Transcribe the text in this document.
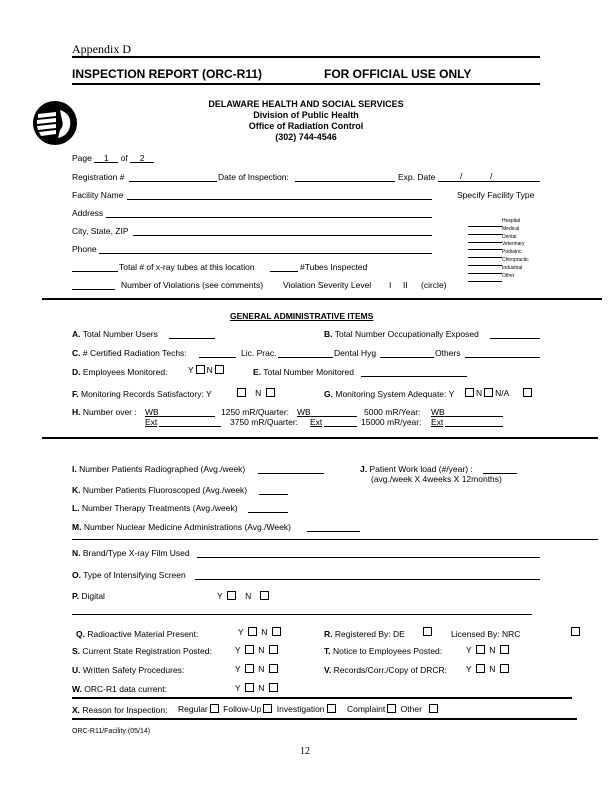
Appendix D
INSPECTION REPORT (ORC-R11)	FOR OFFICIAL USE ONLY
DELAWARE HEALTH AND SOCIAL SERVICES
Division of Public Health
Office of Radiation Control
(302) 744-4546
Page 1 of 2
Registration #	Date of Inspection:	Exp. Date	/	/
Facility Name	Specify Facility Type
Address
City, State, ZIP
Phone
Hospital
Medical
Dental
Veterinary
Podiatric
Chiropractic
Industrial
Other
Total # of x-ray tubes at this location	#Tubes Inspected
Number of Violations (see comments) Violation Severity Level I II (circle)
GENERAL ADMINISTRATIVE ITEMS
A. Total Number Users	B. Total Number Occupationally Exposed
C. # Certified Radiation Techs:	Lic. Prac.	Dental Hyg	Others
D. Employees Monitored: Y N	E. Total Number Monitored
F. Monitoring Records Satisfactory: Y	N	G. Monitoring System Adequate: Y	N N/A
H. Number over : WB	1250 mR/Quarter: WB	5000 mR/Year: WB
Ext	3750 mR/Quarter: Ext	15000 mR/year: Ext
I. Number Patients Radiographed (Avg./week)	J. Patient Work load (#/year) :
(avg./week X 4weeks X 12months)
K. Number Patients Fluoroscoped (Avg./week)
L. Number Therapy Treatments (Avg./week)
M. Number Nuclear Medicine Administrations (Avg./Week)
N. Brand/Type X-ray Film Used
O. Type of Intensifying Screen
P. Digital	Y	N
Q. Radioactive Material Present:	Y N	R. Registered By: DE	Licensed By: NRC
S. Current State Registration Posted:	Y N	T. Notice to Employees Posted:	Y N
U. Written Safety Procedures:	Y N	V. Records/Corr./Copy of DRCR: Y N
W. ORC-R1 data current:	Y N
X. Reason for Inspection: Regular Follow-Up Investigation	Complaint Other
ORC-R11/Facility (05/14)
12
